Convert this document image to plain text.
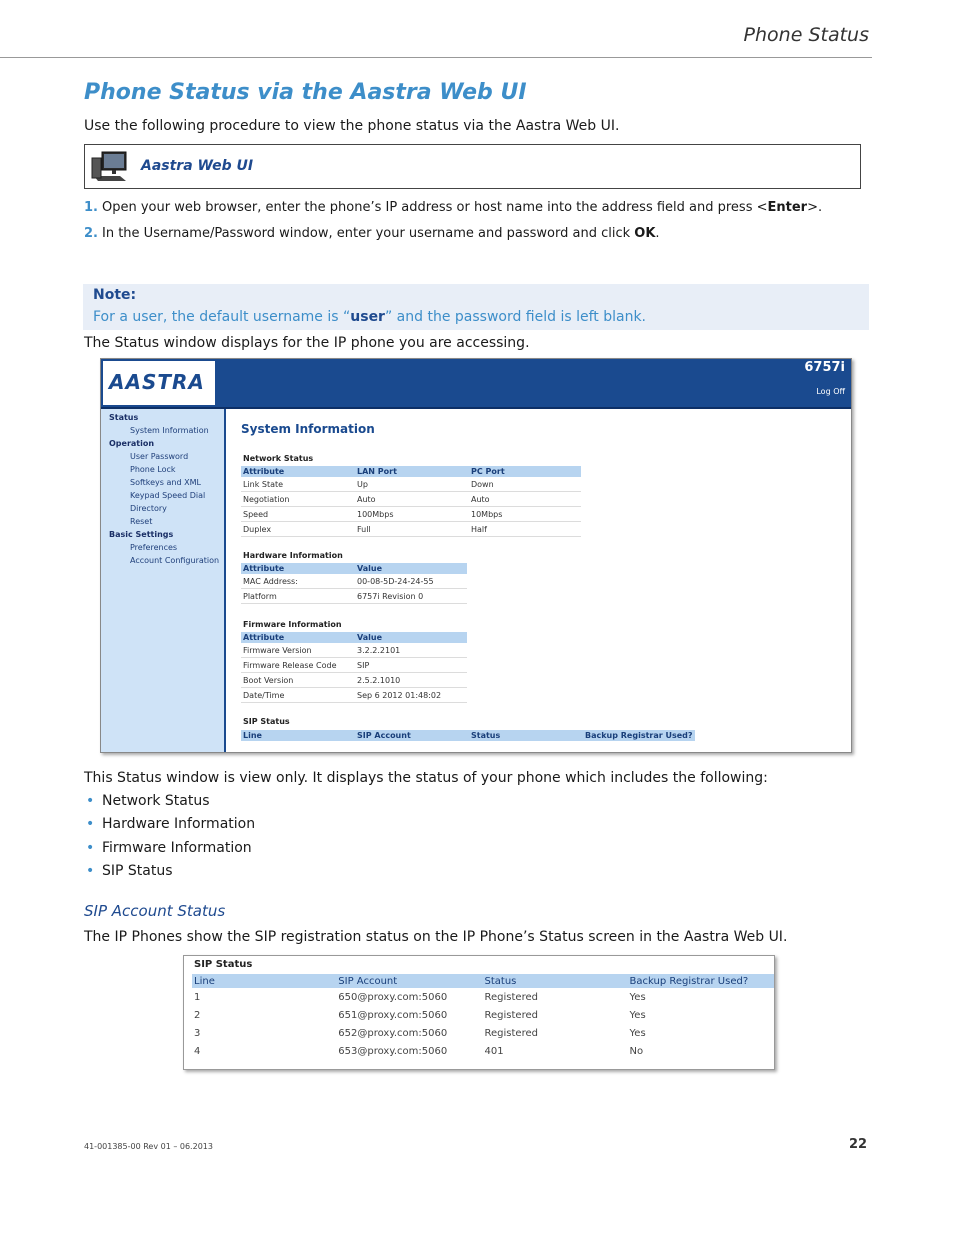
Phone Status
Phone Status via the Aastra Web UI
Use the following procedure to view the phone status via the Aastra Web UI.
Aastra Web UI
1. Open your web browser, enter the phone’s IP address or host name into the address field and press <Enter>.
2. In the Username/Password window, enter your username and password and click OK.
Note:
For a user, the default username is “user” and the password field is left blank.
The Status window displays for the IP phone you are accessing.
AASTRA
6757i
Log Off
Status
System Information
Operation
User Password
Phone Lock
Softkeys and XML
Keypad Speed Dial
Directory
Reset
Basic Settings
Preferences
Account Configuration
System Information
Network Status
Attribute	LAN Port	PC Port
Link State	Up	Down
Negotiation	Auto	Auto
Speed	100Mbps	10Mbps
Duplex	Full	Half
Hardware Information
Attribute	Value
MAC Address:	00-08-5D-24-24-55
Platform	6757i Revision 0
Firmware Information
Attribute	Value
Firmware Version	3.2.2.2101
Firmware Release Code	SIP
Boot Version	2.5.2.1010
Date/Time	Sep 6 2012 01:48:02
SIP Status
Line	SIP Account	Status	Backup Registrar Used?
This Status window is view only. It displays the status of your phone which includes the following:
• Network Status
• Hardware Information
• Firmware Information
• SIP Status
SIP Account Status
The IP Phones show the SIP registration status on the IP Phone’s Status screen in the Aastra Web UI.
SIP Status
Line	SIP Account	Status	Backup Registrar Used?
1	650@proxy.com:5060	Registered	Yes
2	651@proxy.com:5060	Registered	Yes
3	652@proxy.com:5060	Registered	Yes
4	653@proxy.com:5060	401	No
41-001385-00 Rev 01 – 06.2013	22
